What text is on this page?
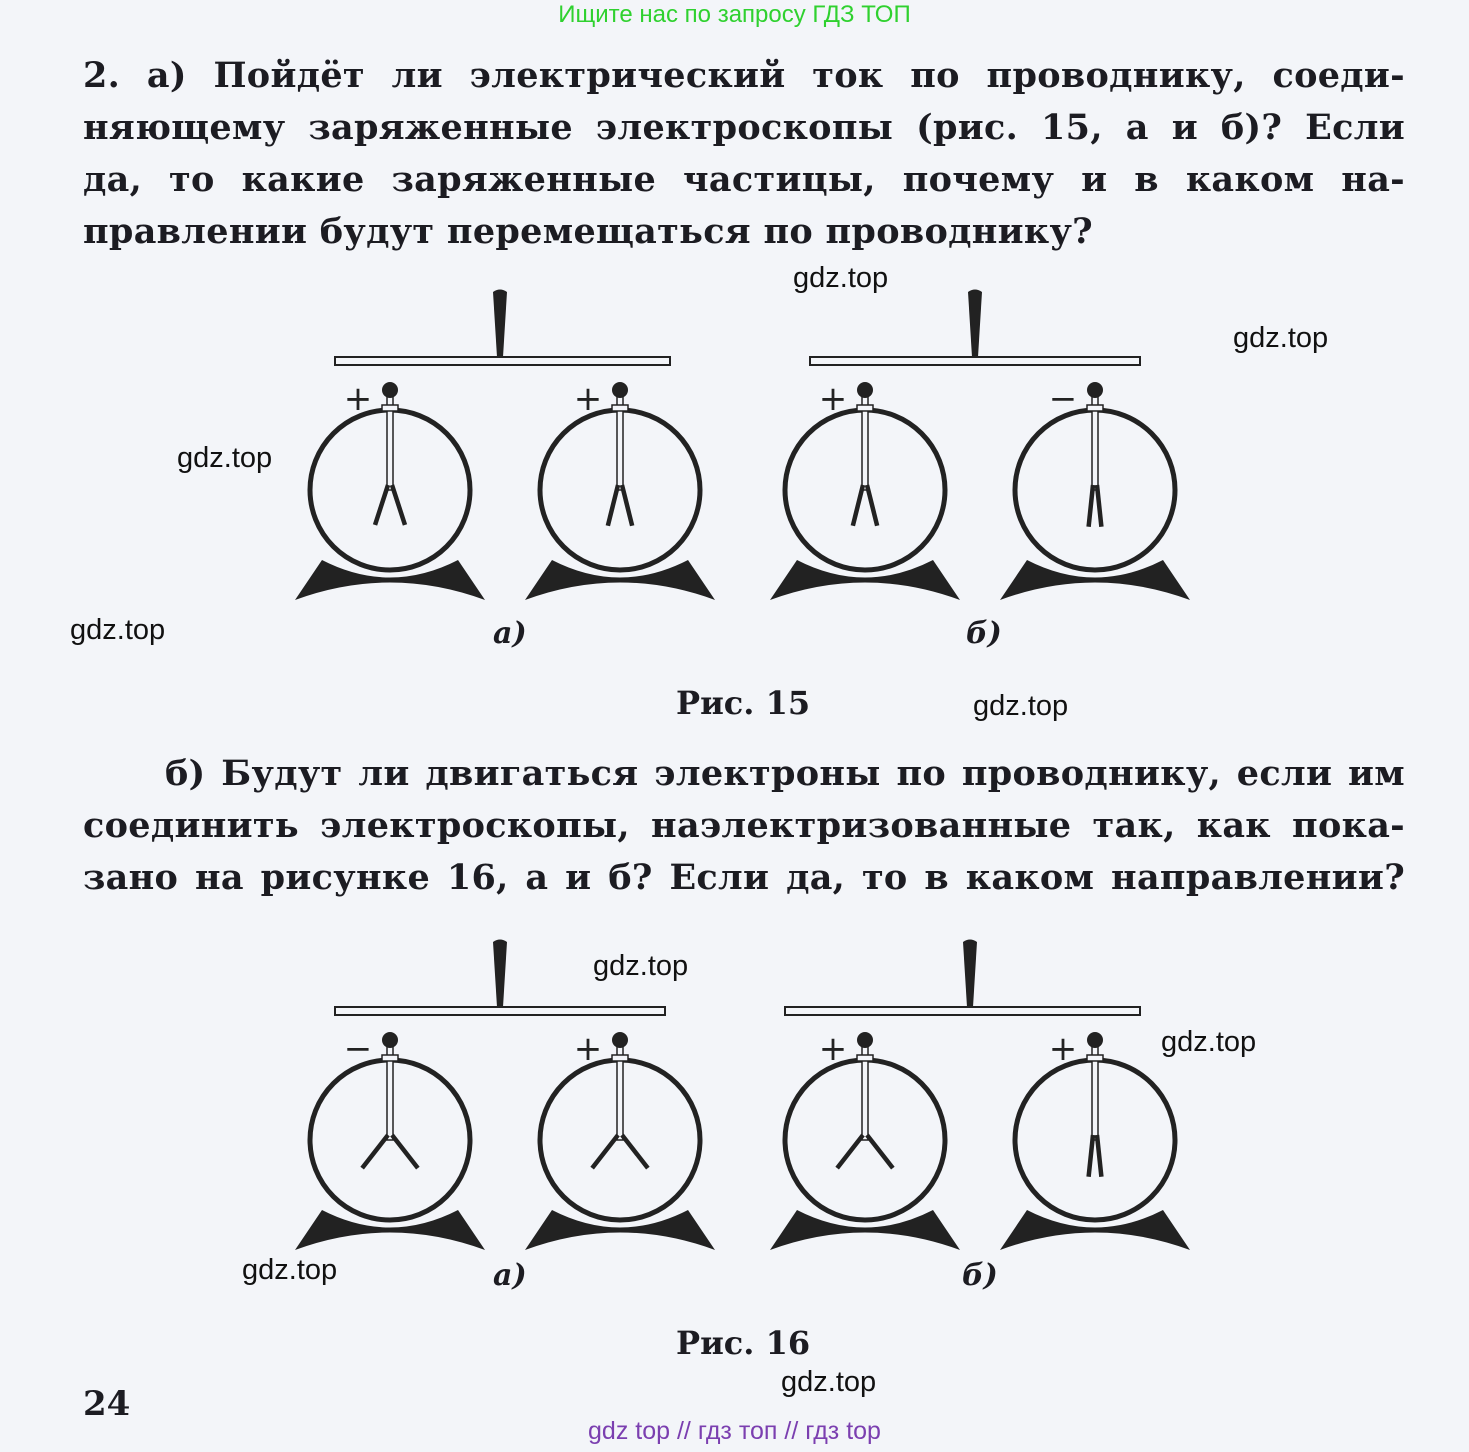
Ищите нас по запросу ГДЗ ТОП
2. а) Пойдёт ли электрический ток по проводнику, соеди-
няющему заряженные электроскопы (рис. 15, а и б)? Если
да, то какие заряженные частицы, почему и в каком на-
правлении будут перемещаться по проводнику?
+	+	+	−
−	+	+	+
а)	б)
Рис. 15
б) Будут ли двигаться электроны по проводнику, если им
соединить электроскопы, наэлектризованные так, как пока-
зано на рисунке 16, а и б? Если да, то в каком направлении?
а)	б)
Рис. 16
24
gdz.top
gdz.top
gdz.top
gdz.top
gdz.top
gdz.top
gdz.top
gdz.top
gdz.top
gdz top // гдз топ // гдз top
